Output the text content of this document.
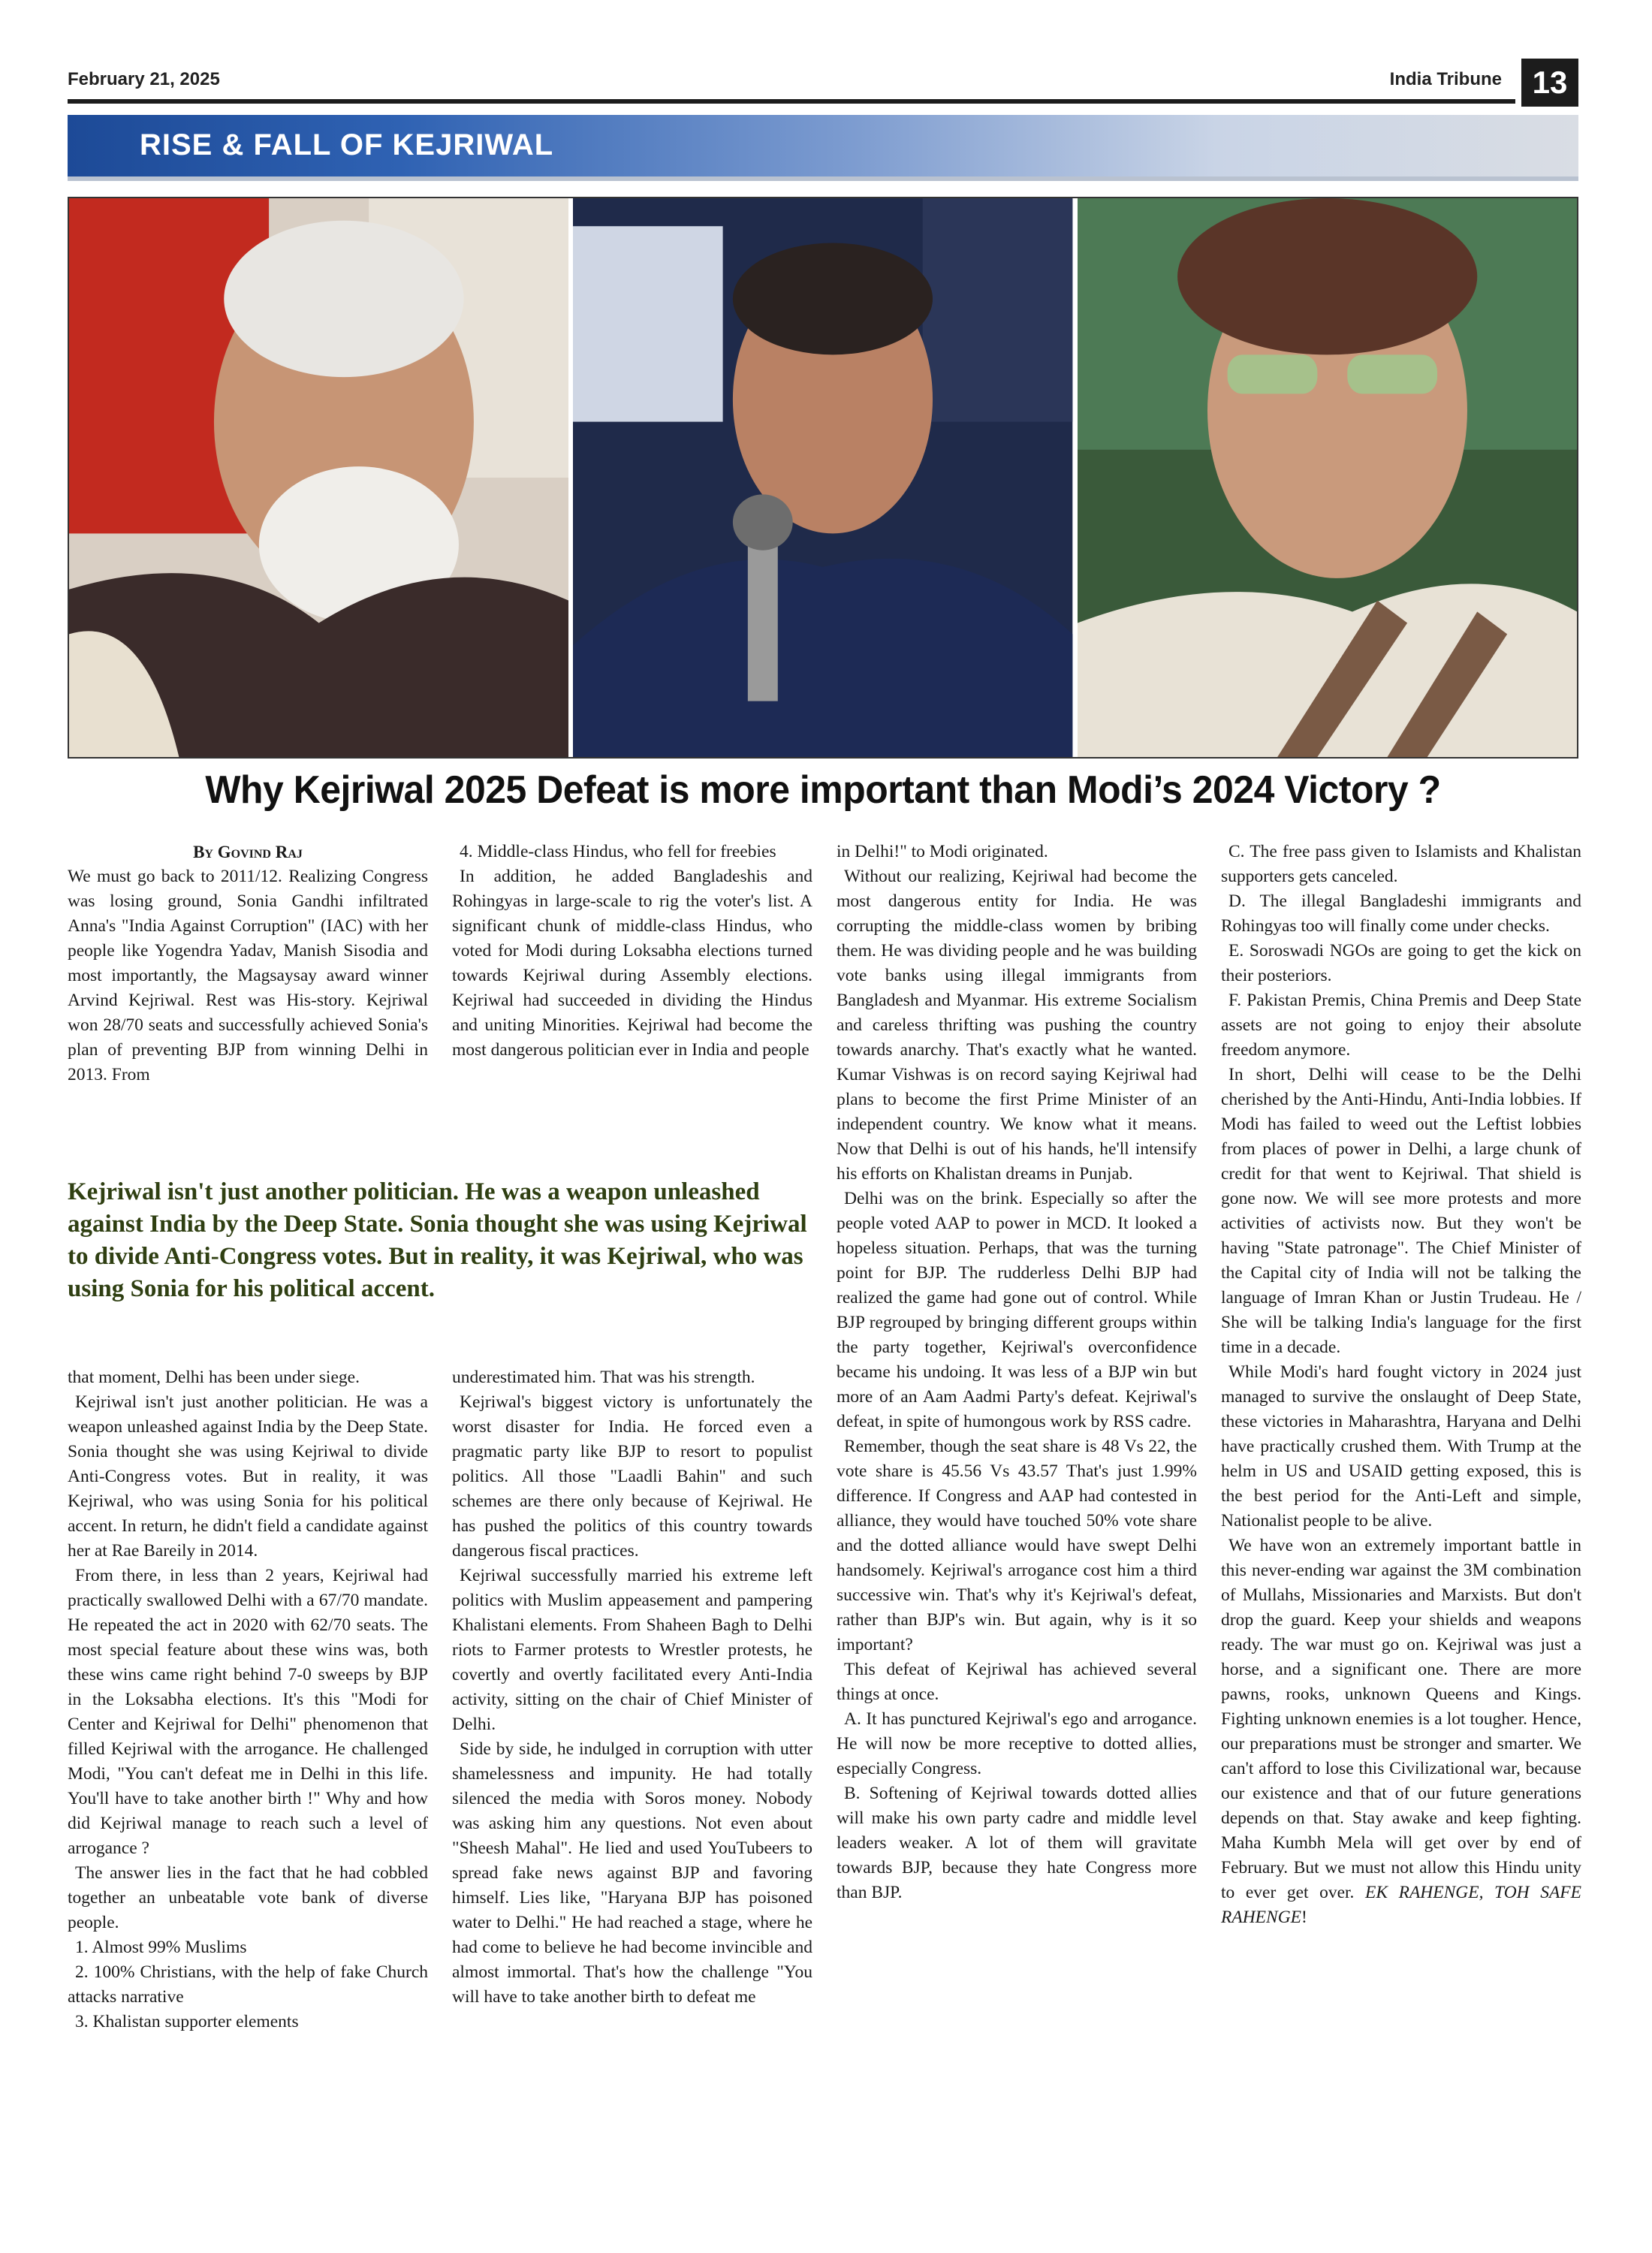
February 21, 2025	India Tribune 13
RISE & FALL OF KEJRIWAL
Why Kejriwal 2025 Defeat is more important than Modi’s 2024 Victory ?

By Govind Raj

We must go back to 2011/12. Realizing Congress was losing ground, Sonia Gandhi infiltrated Anna's "India Against Corruption" (IAC) with her people like Yogendra Yadav, Manish Sisodia and most importantly, the Magsaysay award winner Arvind Kejriwal. Rest was His-story. Kejriwal won 28/70 seats and successfully achieved Sonia's plan of preventing BJP from winning Delhi in 2013. From

4. Middle-class Hindus, who fell for freebies

In addition, he added Bangladeshis and Rohingyas in large-scale to rig the voter's list. A significant chunk of middle-class Hindus, who voted for Modi during Loksabha elections turned towards Kejriwal during Assembly elections. Kejriwal had succeeded in dividing the Hindus and uniting Minorities. Kejriwal had become the most dangerous politician ever in India and people

Kejriwal isn't just another politician. He was a weapon unleashed against India by the Deep State. Sonia thought she was using Kejriwal to divide Anti-Congress votes. But in reality, it was Kejriwal, who was using Sonia for his political accent.

that moment, Delhi has been under siege.

Kejriwal isn't just another politician. He was a weapon unleashed against India by the Deep State. Sonia thought she was using Kejriwal to divide Anti-Congress votes. But in reality, it was Kejriwal, who was using Sonia for his political accent. In return, he didn't field a candidate against her at Rae Bareily in 2014.

From there, in less than 2 years, Kejriwal had practically swallowed Delhi with a 67/70 mandate. He repeated the act in 2020 with 62/70 seats. The most special feature about these wins was, both these wins came right behind 7-0 sweeps by BJP in the Loksabha elections. It's this "Modi for Center and Kejriwal for Delhi" phenomenon that filled Kejriwal with the arrogance. He challenged Modi, "You can't defeat me in Delhi in this life. You'll have to take another birth !" Why and how did Kejriwal manage to reach such a level of arrogance ?

The answer lies in the fact that he had cobbled together an unbeatable vote bank of diverse people.

1. Almost 99% Muslims

2. 100% Christians, with the help of fake Church attacks narrative

3. Khalistan supporter elements

underestimated him. That was his strength.

Kejriwal's biggest victory is unfortunately the worst disaster for India. He forced even a pragmatic party like BJP to resort to populist politics. All those "Laadli Bahin" and such schemes are there only because of Kejriwal. He has pushed the politics of this country towards dangerous fiscal practices.

Kejriwal successfully married his extreme left politics with Muslim appeasement and pampering Khalistani elements. From Shaheen Bagh to Delhi riots to Farmer protests to Wrestler protests, he covertly and overtly facilitated every Anti-India activity, sitting on the chair of Chief Minister of Delhi.

Side by side, he indulged in corruption with utter shamelessness and impunity. He had totally silenced the media with Soros money. Nobody was asking him any questions. Not even about "Sheesh Mahal". He lied and used YouTubeers to spread fake news against BJP and favoring himself. Lies like, "Haryana BJP has poisoned water to Delhi." He had reached a stage, where he had come to believe he had become invincible and almost immortal. That's how the challenge "You will have to take another birth to defeat me

in Delhi!" to Modi originated.

Without our realizing, Kejriwal had become the most dangerous entity for India. He was corrupting the middle-class women by bribing them. He was dividing people and he was building vote banks using illegal immigrants from Bangladesh and Myanmar. His extreme Socialism and careless thrifting was pushing the country towards anarchy. That's exactly what he wanted. Kumar Vishwas is on record saying Kejriwal had plans to become the first Prime Minister of an independent country. We know what it means. Now that Delhi is out of his hands, he'll intensify his efforts on Khalistan dreams in Punjab.

Delhi was on the brink. Especially so after the people voted AAP to power in MCD. It looked a hopeless situation. Perhaps, that was the turning point for BJP. The rudderless Delhi BJP had realized the game had gone out of control. While BJP regrouped by bringing different groups within the party together, Kejriwal's overconfidence became his undoing. It was less of a BJP win but more of an Aam Aadmi Party's defeat. Kejriwal's defeat, in spite of humongous work by RSS cadre.

Remember, though the seat share is 48 Vs 22, the vote share is 45.56 Vs 43.57 That's just 1.99% difference. If Congress and AAP had contested in alliance, they would have touched 50% vote share and the dotted alliance would have swept Delhi handsomely. Kejriwal's arrogance cost him a third successive win. That's why it's Kejriwal's defeat, rather than BJP's win. But again, why is it so important?

This defeat of Kejriwal has achieved several things at once.

A. It has punctured Kejriwal's ego and arrogance. He will now be more receptive to dotted allies, especially Congress.

B. Softening of Kejriwal towards dotted allies will make his own party cadre and middle level leaders weaker. A lot of them will gravitate towards BJP, because they hate Congress more than BJP.

C. The free pass given to Islamists and Khalistan supporters gets canceled.

D. The illegal Bangladeshi immigrants and Rohingyas too will finally come under checks.

E. Soroswadi NGOs are going to get the kick on their posteriors.

F. Pakistan Premis, China Premis and Deep State assets are not going to enjoy their absolute freedom anymore.

In short, Delhi will cease to be the Delhi cherished by the Anti-Hindu, Anti-India lobbies. If Modi has failed to weed out the Leftist lobbies from places of power in Delhi, a large chunk of credit for that went to Kejriwal. That shield is gone now. We will see more protests and more activities of activists now. But they won't be having "State patronage". The Chief Minister of the Capital city of India will not be talking the language of Imran Khan or Justin Trudeau. He / She will be talking India's language for the first time in a decade.

While Modi's hard fought victory in 2024 just managed to survive the onslaught of Deep State, these victories in Maharashtra, Haryana and Delhi have practically crushed them. With Trump at the helm in US and USAID getting exposed, this is the best period for the Anti-Left and simple, Nationalist people to be alive.

We have won an extremely important battle in this never-ending war against the 3M combination of Mullahs, Missionaries and Marxists. But don't drop the guard. Keep your shields and weapons ready. The war must go on. Kejriwal was just a horse, and a significant one. There are more pawns, rooks, unknown Queens and Kings. Fighting unknown enemies is a lot tougher. Hence, our preparations must be stronger and smarter. We can't afford to lose this Civilizational war, because our existence and that of our future generations depends on that. Stay awake and keep fighting. Maha Kumbh Mela will get over by end of February. But we must not allow this Hindu unity to ever get over. EK RAHENGE, TOH SAFE RAHENGE!
